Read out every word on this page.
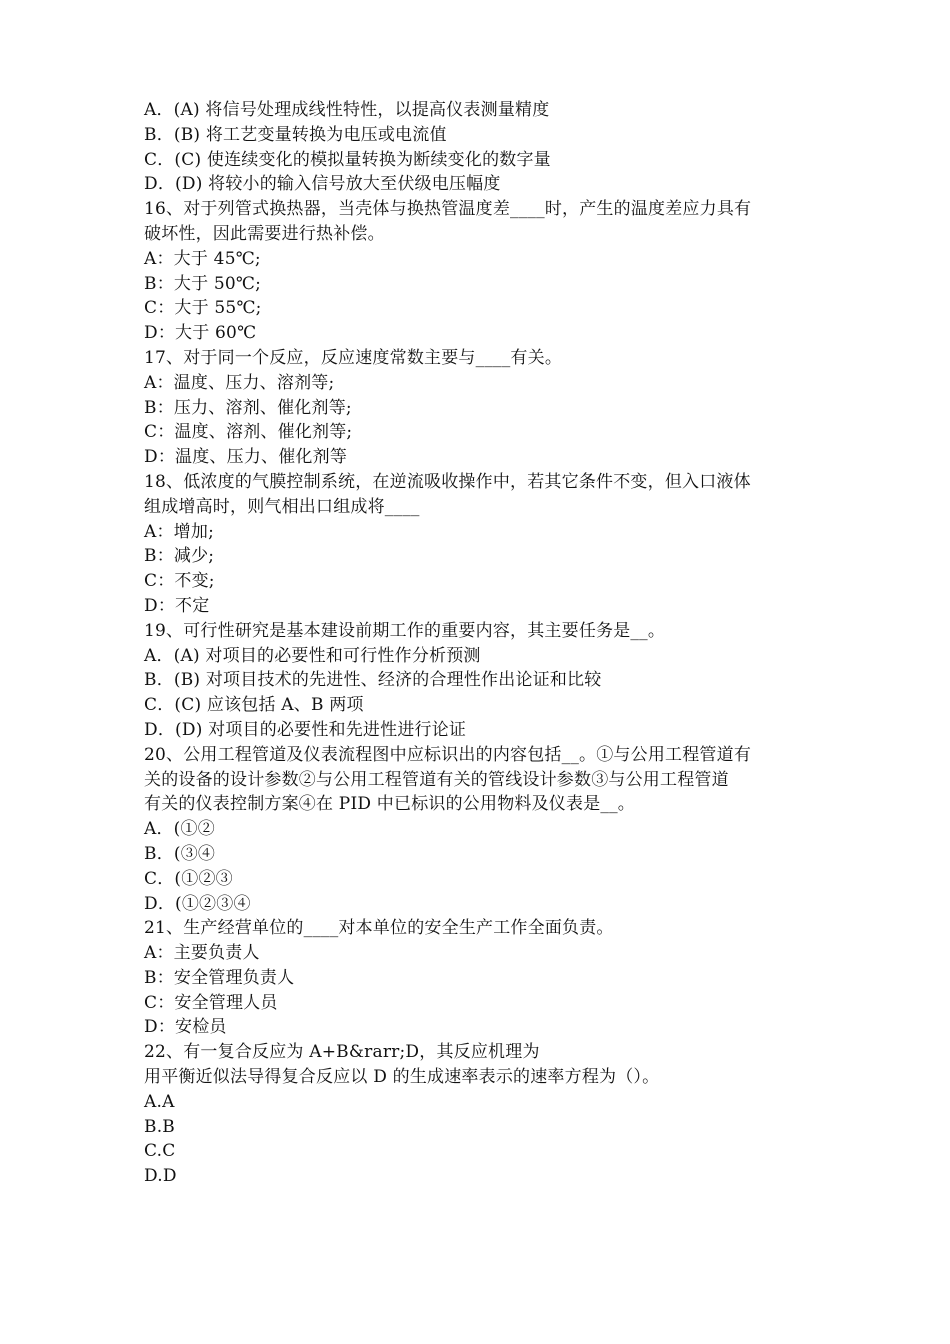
A．(A) 将信号处理成线性特性，以提高仪表测量精度
B．(B) 将工艺变量转换为电压或电流值
C．(C) 使连续变化的模拟量转换为断续变化的数字量
D．(D) 将较小的输入信号放大至伏级电压幅度
16、对于列管式换热器，当壳体与换热管温度差____时，产生的温度差应力具有
破坏性，因此需要进行热补偿。
A：大于 45℃;
B：大于 50℃;
C：大于 55℃;
D：大于 60℃
17、对于同一个反应，反应速度常数主要与____有关。
A：温度、压力、溶剂等;
B：压力、溶剂、催化剂等;
C：温度、溶剂、催化剂等;
D：温度、压力、催化剂等
18、低浓度的气膜控制系统，在逆流吸收操作中，若其它条件不变，但入口液体
组成增高时，则气相出口组成将____
A：增加;
B：减少;
C：不变;
D：不定
19、可行性研究是基本建设前期工作的重要内容，其主要任务是__。
A．(A) 对项目的必要性和可行性作分析预测
B．(B) 对项目技术的先进性、经济的合理性作出论证和比较
C．(C) 应该包括 A、B 两项
D．(D) 对项目的必要性和先进性进行论证
20、公用工程管道及仪表流程图中应标识出的内容包括__。①与公用工程管道有
关的设备的设计参数②与公用工程管道有关的管线设计参数③与公用工程管道
有关的仪表控制方案④在 PID 中已标识的公用物料及仪表是__。
A．(①②
B．(③④
C．(①②③
D．(①②③④
21、生产经营单位的____对本单位的安全生产工作全面负责。
A：主要负责人
B：安全管理负责人
C：安全管理人员
D：安检员
22、有一复合反应为 A+B&rarr;D，其反应机理为
用平衡近似法导得复合反应以 D 的生成速率表示的速率方程为（）。
A.A
B.B
C.C
D.D
